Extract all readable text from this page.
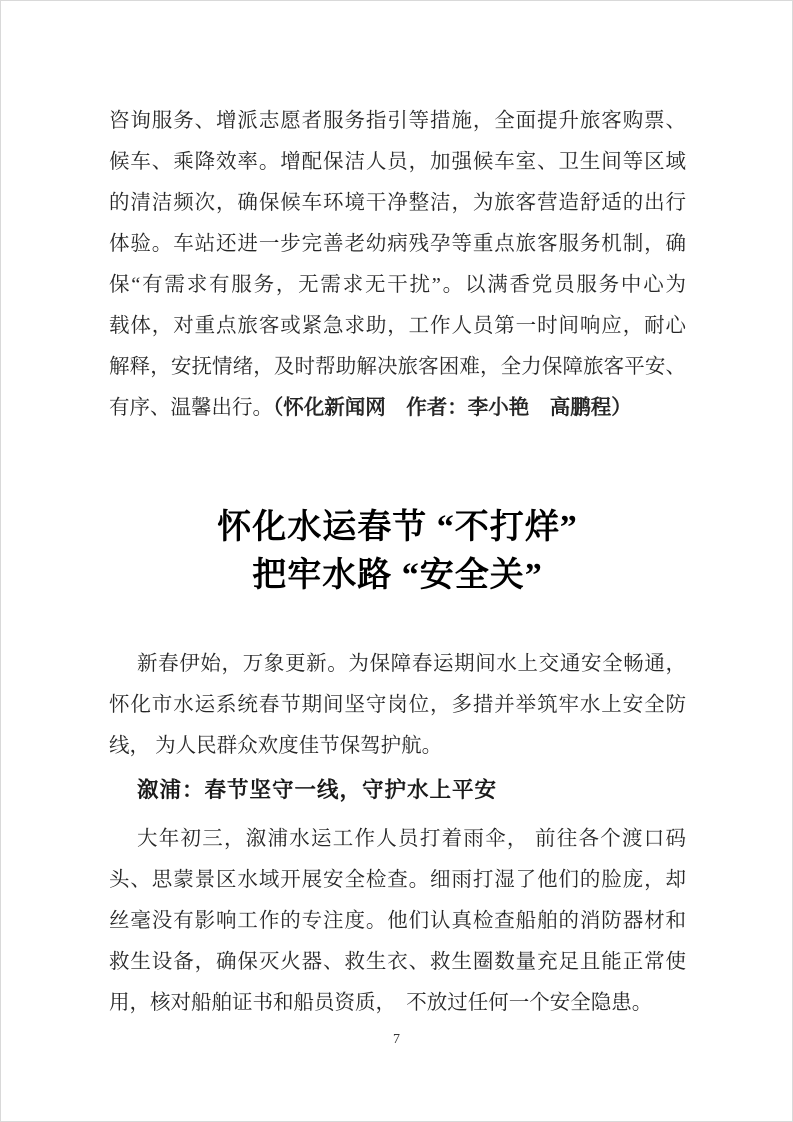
咨询服务、增派志愿者服务指引等措施，全面提升旅客购票、
候车、乘降效率。增配保洁人员，加强候车室、卫生间等区域
的清洁频次，确保候车环境干净整洁，为旅客营造舒适的出行
体验。车站还进一步完善老幼病残孕等重点旅客服务机制，确
保“有需求有服务，无需求无干扰”。以满香党员服务中心为
载体，对重点旅客或紧急求助，工作人员第一时间响应，耐心
解释，安抚情绪，及时帮助解决旅客困难，全力保障旅客平安、
有序、温馨出行。（怀化新闻网　作者：李小艳　高鹏程）
怀化水运春节 “不打烊”
把牢水路 “安全关”
新春伊始，万象更新。为保障春运期间水上交通安全畅通，
怀化市水运系统春节期间坚守岗位，多措并举筑牢水上安全防
线， 为人民群众欢度佳节保驾护航。
溆浦：春节坚守一线，守护水上平安
大年初三，溆浦水运工作人员打着雨伞， 前往各个渡口码
头、思蒙景区水域开展安全检查。细雨打湿了他们的脸庞，却
丝毫没有影响工作的专注度。他们认真检查船舶的消防器材和
救生设备，确保灭火器、救生衣、救生圈数量充足且能正常使
用，核对船舶证书和船员资质，　不放过任何一个安全隐患。
7
